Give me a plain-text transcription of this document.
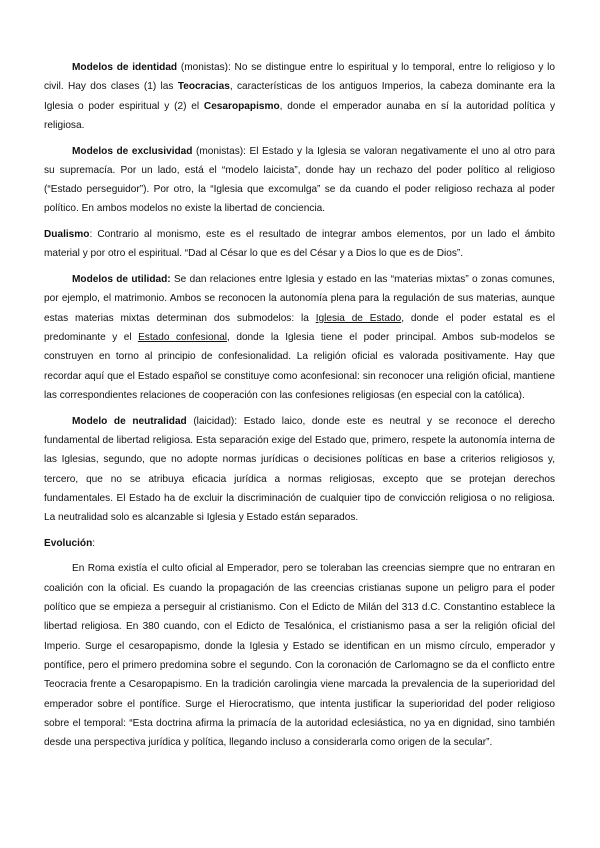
Modelos de identidad (monistas): No se distingue entre lo espiritual y lo temporal, entre lo religioso y lo civil. Hay dos clases (1) las Teocracias, características de los antiguos Imperios, la cabeza dominante era la Iglesia o poder espiritual y (2) el Cesaropapismo, donde el emperador aunaba en sí la autoridad política y religiosa.

Modelos de exclusividad (monistas): El Estado y la Iglesia se valoran negativamente el uno al otro para su supremacía. Por un lado, está el “modelo laicista”, donde hay un rechazo del poder político al religioso (“Estado perseguidor”). Por otro, la “Iglesia que excomulga” se da cuando el poder religioso rechaza al poder político. En ambos modelos no existe la libertad de conciencia.

Dualismo: Contrario al monismo, este es el resultado de integrar ambos elementos, por un lado el ámbito material y por otro el espiritual. “Dad al César lo que es del César y a Dios lo que es de Dios”.

Modelos de utilidad: Se dan relaciones entre Iglesia y estado en las “materias mixtas” o zonas comunes, por ejemplo, el matrimonio. Ambos se reconocen la autonomía plena para la regulación de sus materias, aunque estas materias mixtas determinan dos submodelos: la Iglesia de Estado, donde el poder estatal es el predominante y el Estado confesional, donde la Iglesia tiene el poder principal. Ambos sub-modelos se construyen en torno al principio de confesionalidad. La religión oficial es valorada positivamente. Hay que recordar aquí que el Estado español se constituye como aconfesional: sin reconocer una religión oficial, mantiene las correspondientes relaciones de cooperación con las confesiones religiosas (en especial con la católica).

Modelo de neutralidad (laicidad): Estado laico, donde este es neutral y se reconoce el derecho fundamental de libertad religiosa. Esta separación exige del Estado que, primero, respete la autonomía interna de las Iglesias, segundo, que no adopte normas jurídicas o decisiones políticas en base a criterios religiosos y, tercero, que no se atribuya eficacia jurídica a normas religiosas, excepto que se protejan derechos fundamentales. El Estado ha de excluir la discriminación de cualquier tipo de convicción religiosa o no religiosa. La neutralidad solo es alcanzable si Iglesia y Estado están separados.

Evolución:

En Roma existía el culto oficial al Emperador, pero se toleraban las creencias siempre que no entraran en coalición con la oficial. Es cuando la propagación de las creencias cristianas supone un peligro para el poder político que se empieza a perseguir al cristianismo. Con el Edicto de Milán del 313 d.C. Constantino establece la libertad religiosa. En 380 cuando, con el Edicto de Tesalónica, el cristianismo pasa a ser la religión oficial del Imperio. Surge el cesaropapismo, donde la Iglesia y Estado se identifican en un mismo círculo, emperador y pontífice, pero el primero predomina sobre el segundo. Con la coronación de Carlomagno se da el conflicto entre Teocracia frente a Cesaropapismo. En la tradición carolingia viene marcada la prevalencia de la superioridad del emperador sobre el pontífice. Surge el Hierocratismo, que intenta justificar la superioridad del poder religioso sobre el temporal: “Esta doctrina afirma la primacía de la autoridad eclesiástica, no ya en dignidad, sino también desde una perspectiva jurídica y política, llegando incluso a considerarla como origen de la secular”.
